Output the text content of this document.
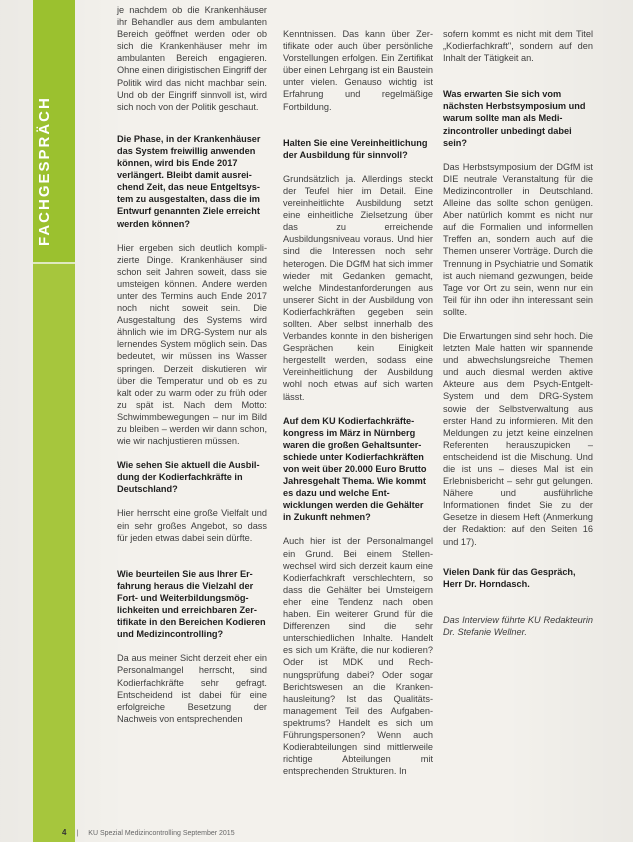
FACHGESPRÄCH

je nachdem ob die Krankenhäuser ihr Behandler aus dem ambulanten Bereich geöffnet werden oder ob sich die Krankenhäuser mehr im ambulanten Bereich engagieren. Ohne einen dirigistischen Eingriff der Politik wird das nicht machbar sein. Und ob der Eingriff sinnvoll ist, wird sich noch von der Politik geschaut.

Die Phase, in der Krankenhäuser das System freiwillig anwenden können, wird bis Ende 2017 verlängert. Bleibt damit ausreichend Zeit, das neue Entgeltsystem zu ausgestalten, dass die im Entwurf genannten Ziele erreicht werden können?

Hier ergeben sich deutlich komplizierte Dinge. Krankenhäuser sind schon seit Jahren soweit, dass sie umsteigen können. Andere werden unter des Termins auch Ende 2017 noch nicht soweit sein. Die Ausgestaltung des Systems wird ähnlich wie im DRG-System nur als lernendes System möglich sein. Das bedeutet, wir müssen ins Wasser springen. Derzeit diskutieren wir über die Temperatur und ob es zu kalt oder zu warm oder zu früh oder zu spät ist. Nach dem Motto: Schwimmbewegungen – nur im Bild zu bleiben – werden wir dann schon, wie wir nachjustieren müssen.

Wie sehen Sie aktuell die Ausbildung der Kodierfachkräfte in Deutschland?

Hier herrscht eine große Vielfalt und ein sehr großes Angebot, so dass für jeden etwas dabei sein dürfte.

Wie beurteilen Sie aus Ihrer Erfahrung heraus die Vielzahl der Fort- und Weiterbildungsmöglichkeiten und erreichbaren Zertifikate in den Bereichen Kodieren und Medizincontrolling?

Da aus meiner Sicht derzeit eher ein Personalmangel herrscht, sind Kodierfachkräfte sehr gefragt. Entscheidend ist dabei für eine erfolgreiche Besetzung der Nachweis von entsprechenden

Kenntnissen. Das kann über Zertifikate oder auch über persönliche Vorstellungen erfolgen. Ein Zertifikat über einen Lehrgang ist ein Baustein unter vielen. Genauso wichtig ist Erfahrung und regelmäßige Fortbildung.

Halten Sie eine Vereinheitlichung der Ausbildung für sinnvoll?

Grundsätzlich ja. Allerdings steckt der Teufel hier im Detail. Eine vereinheitlichte Ausbildung setzt eine einheitliche Zielsetzung über das zu erreichende Ausbildungsniveau voraus. Und hier sind die Interessen noch sehr heterogen. Die DGfM hat sich immer wieder mit Gedanken gemacht, welche Mindestanforderungen aus unserer Sicht in der Ausbildung von Kodierfachkräften gegeben sein sollten. Aber selbst innerhalb des Verbandes konnte in den bisherigen Gesprächen kein Einigkeit hergestellt werden, sodass eine Vereinheitlichung der Ausbildung wohl noch etwas auf sich warten lässt.

Auf dem KU Kodierfachkräftekongress im März in Nürnberg waren die großen Gehaltsunterschiede unter Kodierfachkräften von weit über 20.000 Euro Brutto Jahresgehalt Thema. Wie kommt es dazu und welche Entwicklungen werden die Gehälter in Zukunft nehmen?

Auch hier ist der Personalmangel ein Grund. Bei einem Stellenwechsel wird sich derzeit kaum eine Kodierfachkraft verschlechtern, so dass die Gehälter bei Umsteigern eher eine Tendenz nach oben haben. Ein weiterer Grund für die Differenzen sind die sehr unterschiedlichen Inhalte. Handelt es sich um Kräfte, die nur kodieren? Oder ist MDK und Rechnungsprüfung dabei? Oder sogar Berichtswesen an die Krankenhausleitung? Ist das Qualitätsmanagement Teil des Aufgabenspektrums? Handelt es sich um Führungspersonen? Wenn auch Kodierabteilungen sind mittlerweile richtige Abteilungen mit entsprechenden Strukturen. In

sofern kommt es nicht mit dem Titel „Kodierfachkraft", sondern auf den Inhalt der Tätigkeit an.

Was erwarten Sie sich vom nächsten Herbstsymposium und warum sollte man als Medizincontroller unbedingt dabei sein?

Das Herbstsymposium der DGfM ist DIE neutrale Veranstaltung für die Medizincontroller in Deutschland. Alleine das sollte schon genügen. Aber natürlich kommt es nicht nur auf die Formalien und informellen Treffen an, sondern auch auf die Themen unserer Vorträge. Durch die Trennung in Psychiatrie und Somatik ist auch niemand gezwungen, beide Tage vor Ort zu sein, wenn nur ein Teil für ihn oder ihn interessant sein sollte.

Die Erwartungen sind sehr hoch. Die letzten Male hatten wir spannende und abwechslungsreiche Themen und auch diesmal werden aktive Akteure aus dem Psych-Entgelt-System und dem DRG-System sowie der Selbstverwaltung aus erster Hand zu informieren. Mit den Meldungen zu jetzt keine einzelnen Referenten herauszupicken – entscheidend ist die Mischung. Und die ist uns – dieses Mal ist ein Erlebnisbericht – sehr gut gelungen. Nähere und ausführliche Informationen findet Sie zu der Gesetze in diesem Heft (Anmerkung der Redaktion: auf den Seiten 16 und 17).

Vielen Dank für das Gespräch, Herr Dr. Horndasch.

Das Interview führte KU Redakteurin Dr. Stefanie Wellner.

4 | KU Spezial Medizincontrolling September 2015
